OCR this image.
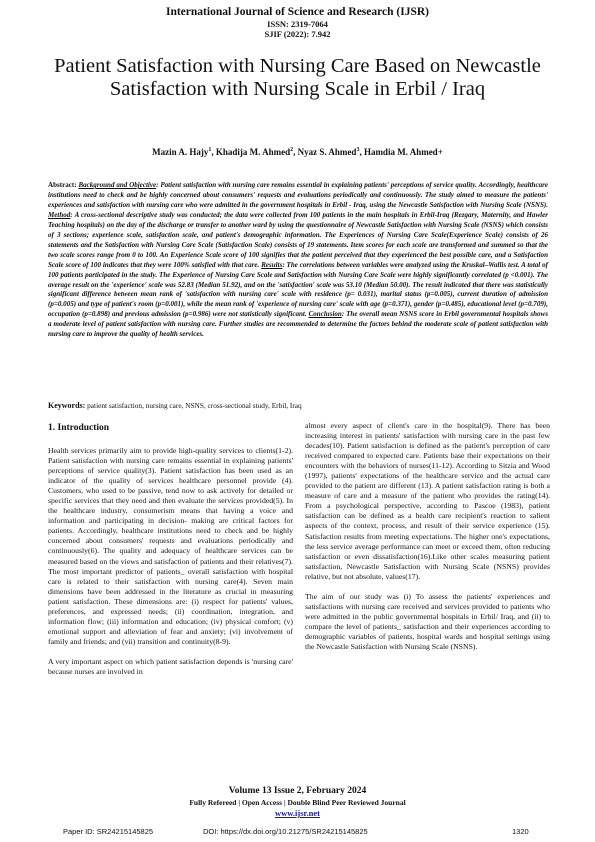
International Journal of Science and Research (IJSR)
ISSN: 2319-7064
SJIF (2022): 7.942
Patient Satisfaction with Nursing Care Based on Newcastle Satisfaction with Nursing Scale in Erbil / Iraq
Mazin A. Hajy$^1$, Khadija M. Ahmed$^2$, Nyaz S. Ahmed$^3$, Hamdia M. Ahmed+
Abstract: Background and Objective: Patient satisfaction with nursing care remains essential in explaining patients' perceptions of service quality. Accordingly, healthcare institutions need to check and be highly concerned about consumers' requests and evaluations periodically and continuously. The study aimed to measure the patients' experiences and satisfaction with nursing care who were admitted in the government hospitals in Erbil - Iraq, using the Newcastle Satisfaction with Nursing Scale (NSNS). Method: A cross-sectional descriptive study was conducted; the data were collected from 100 patients in the main hospitals in Erbil-Iraq (Rezgary, Maternity, and Hawler Teaching hospitals) on the day of the discharge or transfer to another ward by using the questionnaire of Newcastle Satisfaction with Nursing Scale (NSNS) which consists of 3 sections; experience scale, satisfaction scale, and patient's demographic information. The Experiences of Nursing Care Scale(Experience Scale) consists of 26 statements and the Satisfaction with Nursing Care Scale (Satisfaction Scale) consists of 19 statements. Item scores for each scale are transformed and summed so that the two scale scores range from 0 to 100. An Experience Scale score of 100 signifies that the patient perceived that they experienced the best possible care, and a Satisfaction Scale score of 100 indicates that they were 100% satisfied with that care. Results: The correlations between variables were analyzed using the Kruskal–Wallis test. A total of 100 patients participated in the study. The Experience of Nursing Care Scale and Satisfaction with Nursing Care Scale were highly significantly correlated (p <0.001). The average result on the 'experience' scale was 52.83 (Median 51.92), and on the 'satisfaction' scale was 53.10 (Median 50.00). The result indicated that there was statistically significant difference between mean rank of 'satisfaction with nursing care' scale with residence (p= 0.031), marital status (p=0.005), current duration of admission (p=0.005) and type of patient's room (p=0.001), while the mean rank of 'experience of nursing care' scale with age (p=0.371), gender (p=0.485), educational level (p=0.709), occupation (p=0.898) and previous admission (p=0.986) were not statistically significant. Conclusion: The overall mean NSNS score in Erbil governmental hospitals shows a moderate level of patient satisfaction with nursing care. Further studies are recommended to determine the factors behind the moderate scale of patient satisfaction with nursing care to improve the quality of health services.
Keywords: patient satisfaction, nursing care, NSNS, cross-sectional study, Erbil, Iraq
1. Introduction

Health services primarily aim to provide high-quality services to clients(1-2). Patient satisfaction with nursing care remains essential in explaining patients' perceptions of service quality(3). Patient satisfaction has been used as an indicator of the quality of services healthcare personnel provide (4). Customers, who used to be passive, tend now to ask actively for detailed or specific services that they need and then evaluate the services provided(5). In the healthcare industry, consumerism means that having a voice and information and participating in decision- making are critical factors for patients. Accordingly, healthcare institutions need to check and be highly concerned about consumers' requests and evaluations periodically and continuously(6). The quality and adequacy of healthcare services can be measured based on the views and satisfaction of patients and their relatives(7). The most important predictor of patients_ overall satisfaction with hospital care is related to their satisfaction with nursing care(4). Seven main dimensions have been addressed in the literature as crucial in measuring patient satisfaction. These dimensions are: (i) respect for patients' values, preferences, and expressed needs; (ii) coordination, integration, and information flow; (iii) information and education; (iv) physical comfort; (v) emotional support and alleviation of fear and anxiety; (vi) involvement of family and friends; and (vii) transition and continuity(8-9).

A very important aspect on which patient satisfaction depends is 'nursing care' because nurses are involved in

almost every aspect of client's care in the hospital(9). There has been increasing interest in patients' satisfaction with nursing care in the past few decades(10). Patient satisfaction is defined as the patient's perception of care received compared to expected care. Patients base their expectations on their encounters with the behaviors of nurses(11-12). According to Sitzia and Wood (1997), patients' expectations of the healthcare service and the actual care provided to the patient are different (13). A patient satisfaction rating is both a measure of care and a measure of the patient who provides the rating(14). From a psychological perspective, according to Pascoe (1983), patient satisfaction can be defined as a health care recipient's reaction to salient aspects of the context, process, and result of their service experience (15). Satisfaction results from meeting expectations. The higher one's expectations, the less service average performance can meet or exceed them, often reducing satisfaction or even dissatisfaction(16).Like other scales measuring patient satisfaction, Newcastle Satisfaction with Nursing Scale (NSNS) provides relative, but not absolute, values(17).

The aim of our study was (i) To assess the patients' experiences and satisfactions with nursing care received and services provided to patients who were admitted in the public governmental hospitals in Erbil/ Iraq, and (ii) to compare the level of patients_ satisfaction and their experiences according to demographic variables of patients, hospital wards and hospital settings using the Newcastle Satisfaction with Nursing Scale (NSNS).

Volume 13 Issue 2, February 2024
Fully Refereed | Open Access | Double Blind Peer Reviewed Journal
www.ijsr.net
Paper ID: SR24215145825	DOI: https://dx.doi.org/10.21275/SR24215145825	1320
